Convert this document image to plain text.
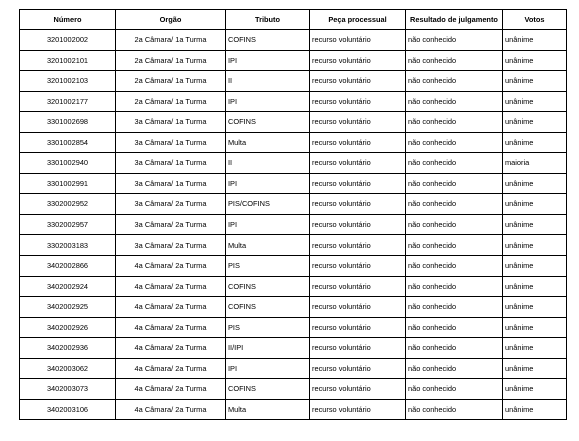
Número	Orgão	Tributo	Peça processual	Resultado de julgamento	Votos
3201002002	2a Câmara/ 1a Turma	COFINS	recurso voluntário	não conhecido	unânime
3201002101	2a Câmara/ 1a Turma	IPI	recurso voluntário	não conhecido	unânime
3201002103	2a Câmara/ 1a Turma	II	recurso voluntário	não conhecido	unânime
3201002177	2a Câmara/ 1a Turma	IPI	recurso voluntário	não conhecido	unânime
3301002698	3a Câmara/ 1a Turma	COFINS	recurso voluntário	não conhecido	unânime
3301002854	3a Câmara/ 1a Turma	Multa	recurso voluntário	não conhecido	unânime
3301002940	3a Câmara/ 1a Turma	II	recurso voluntário	não conhecido	maioria
3301002991	3a Câmara/ 1a Turma	IPI	recurso voluntário	não conhecido	unânime
3302002952	3a Câmara/ 2a Turma	PIS/COFINS	recurso voluntário	não conhecido	unânime
3302002957	3a Câmara/ 2a Turma	IPI	recurso voluntário	não conhecido	unânime
3302003183	3a Câmara/ 2a Turma	Multa	recurso voluntário	não conhecido	unânime
3402002866	4a Câmara/ 2a Turma	PIS	recurso voluntário	não conhecido	unânime
3402002924	4a Câmara/ 2a Turma	COFINS	recurso voluntário	não conhecido	unânime
3402002925	4a Câmara/ 2a Turma	COFINS	recurso voluntário	não conhecido	unânime
3402002926	4a Câmara/ 2a Turma	PIS	recurso voluntário	não conhecido	unânime
3402002936	4a Câmara/ 2a Turma	II/IPI	recurso voluntário	não conhecido	unânime
3402003062	4a Câmara/ 2a Turma	IPI	recurso voluntário	não conhecido	unânime
3402003073	4a Câmara/ 2a Turma	COFINS	recurso voluntário	não conhecido	unânime
3402003106	4a Câmara/ 2a Turma	Multa	recurso voluntário	não conhecido	unânime
